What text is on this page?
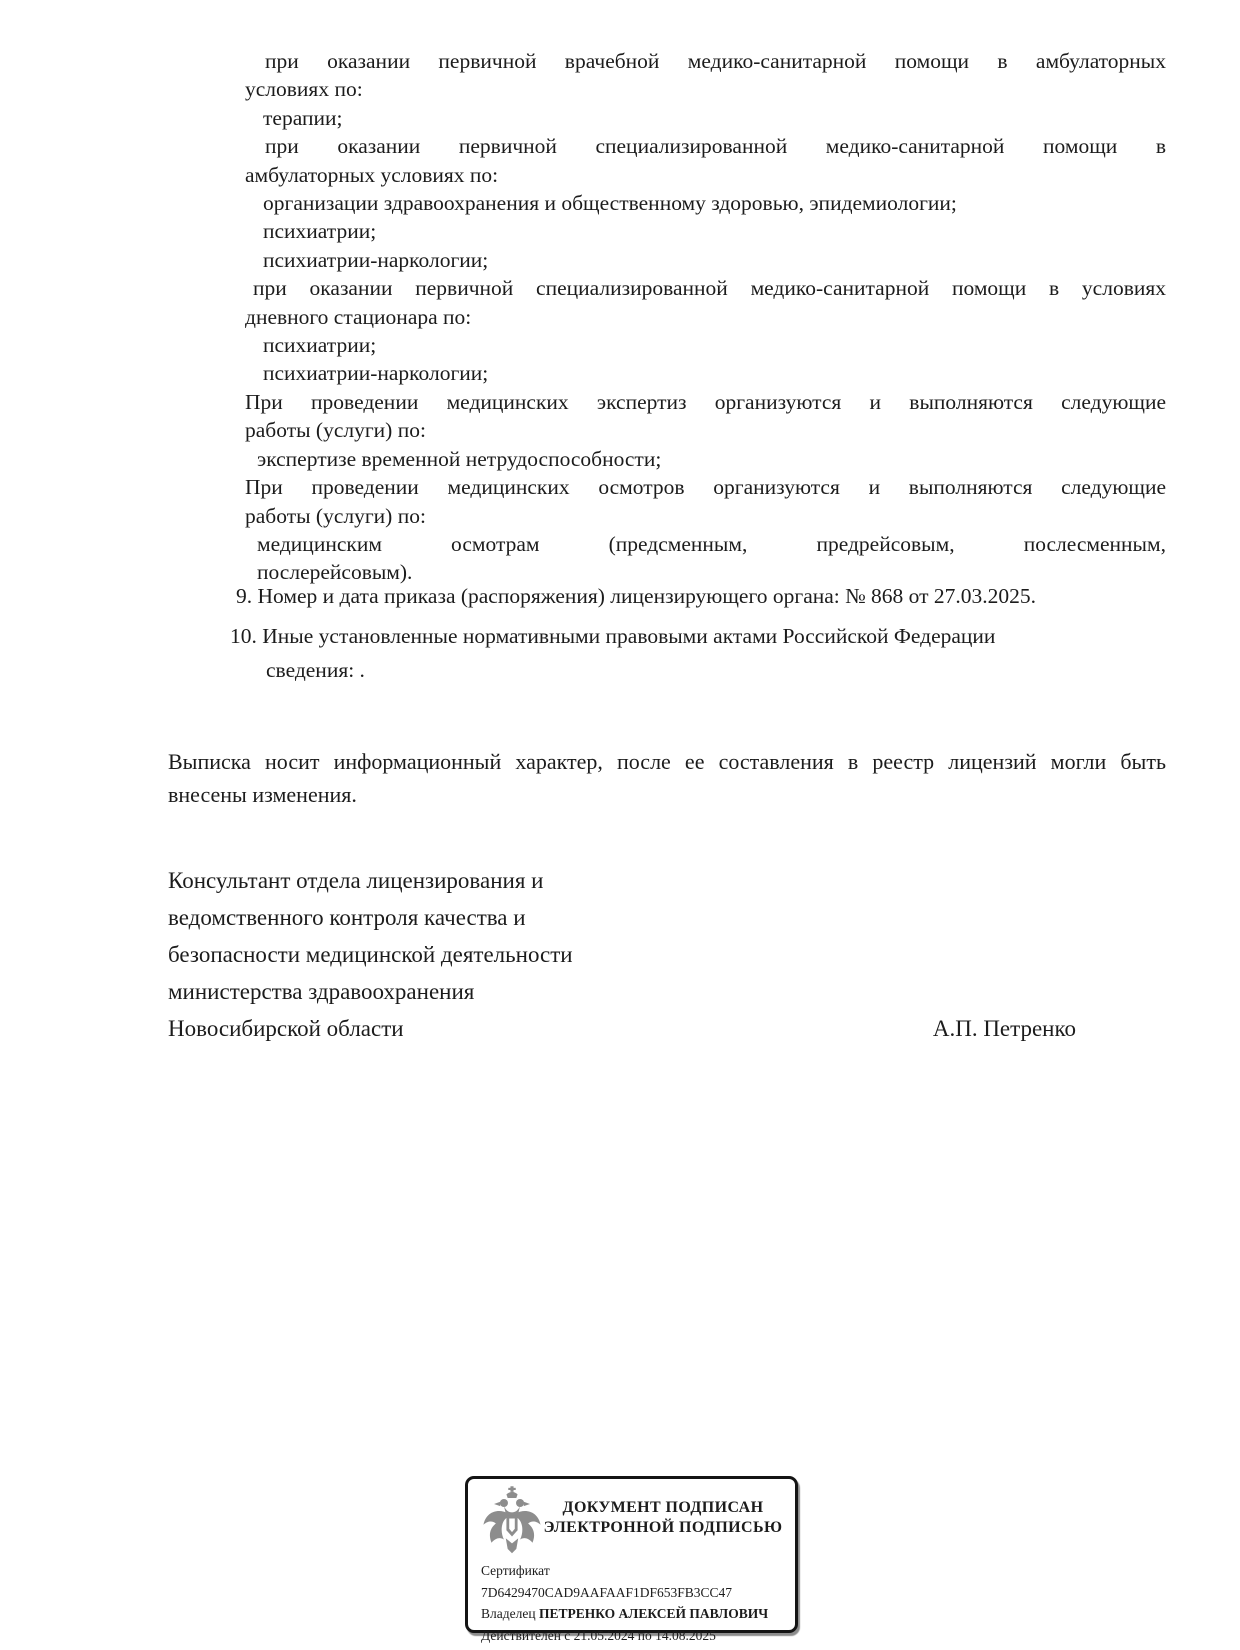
при оказании первичной врачебной медико-санитарной помощи в амбулаторных
условиях по:
терапии;
при оказании первичной специализированной медико-санитарной помощи в
амбулаторных условиях по:
организации здравоохранения и общественному здоровью, эпидемиологии;
психиатрии;
психиатрии-наркологии;
при оказании первичной специализированной медико-санитарной помощи в условиях
дневного стационара по:
психиатрии;
психиатрии-наркологии;
При проведении медицинских экспертиз организуются и выполняются следующие
работы (услуги) по:
экспертизе временной нетрудоспособности;
При проведении медицинских осмотров организуются и выполняются следующие
работы (услуги) по:
медицинским осмотрам (предсменным, предрейсовым, послесменным,
послерейсовым).
9. Номер и дата приказа (распоряжения) лицензирующего органа: № 868 от 27.03.2025.
10. Иные установленные нормативными правовыми актами Российской Федерации
сведения: .
Выписка носит информационный характер, после ее составления в реестр лицензий могли быть
внесены изменения.
Консультант отдела лицензирования и
ведомственного контроля качества и
безопасности медицинской деятельности
министерства здравоохранения
Новосибирской области	А.П. Петренко
ДОКУМЕНТ ПОДПИСАН
ЭЛЕКТРОННОЙ ПОДПИСЬЮ
Сертификат 7D6429470CAD9AAFAAF1DF653FB3CC47
Владелец ПЕТРЕНКО АЛЕКСЕЙ ПАВЛОВИЧ
Действителен с 21.05.2024 по 14.08.2025
